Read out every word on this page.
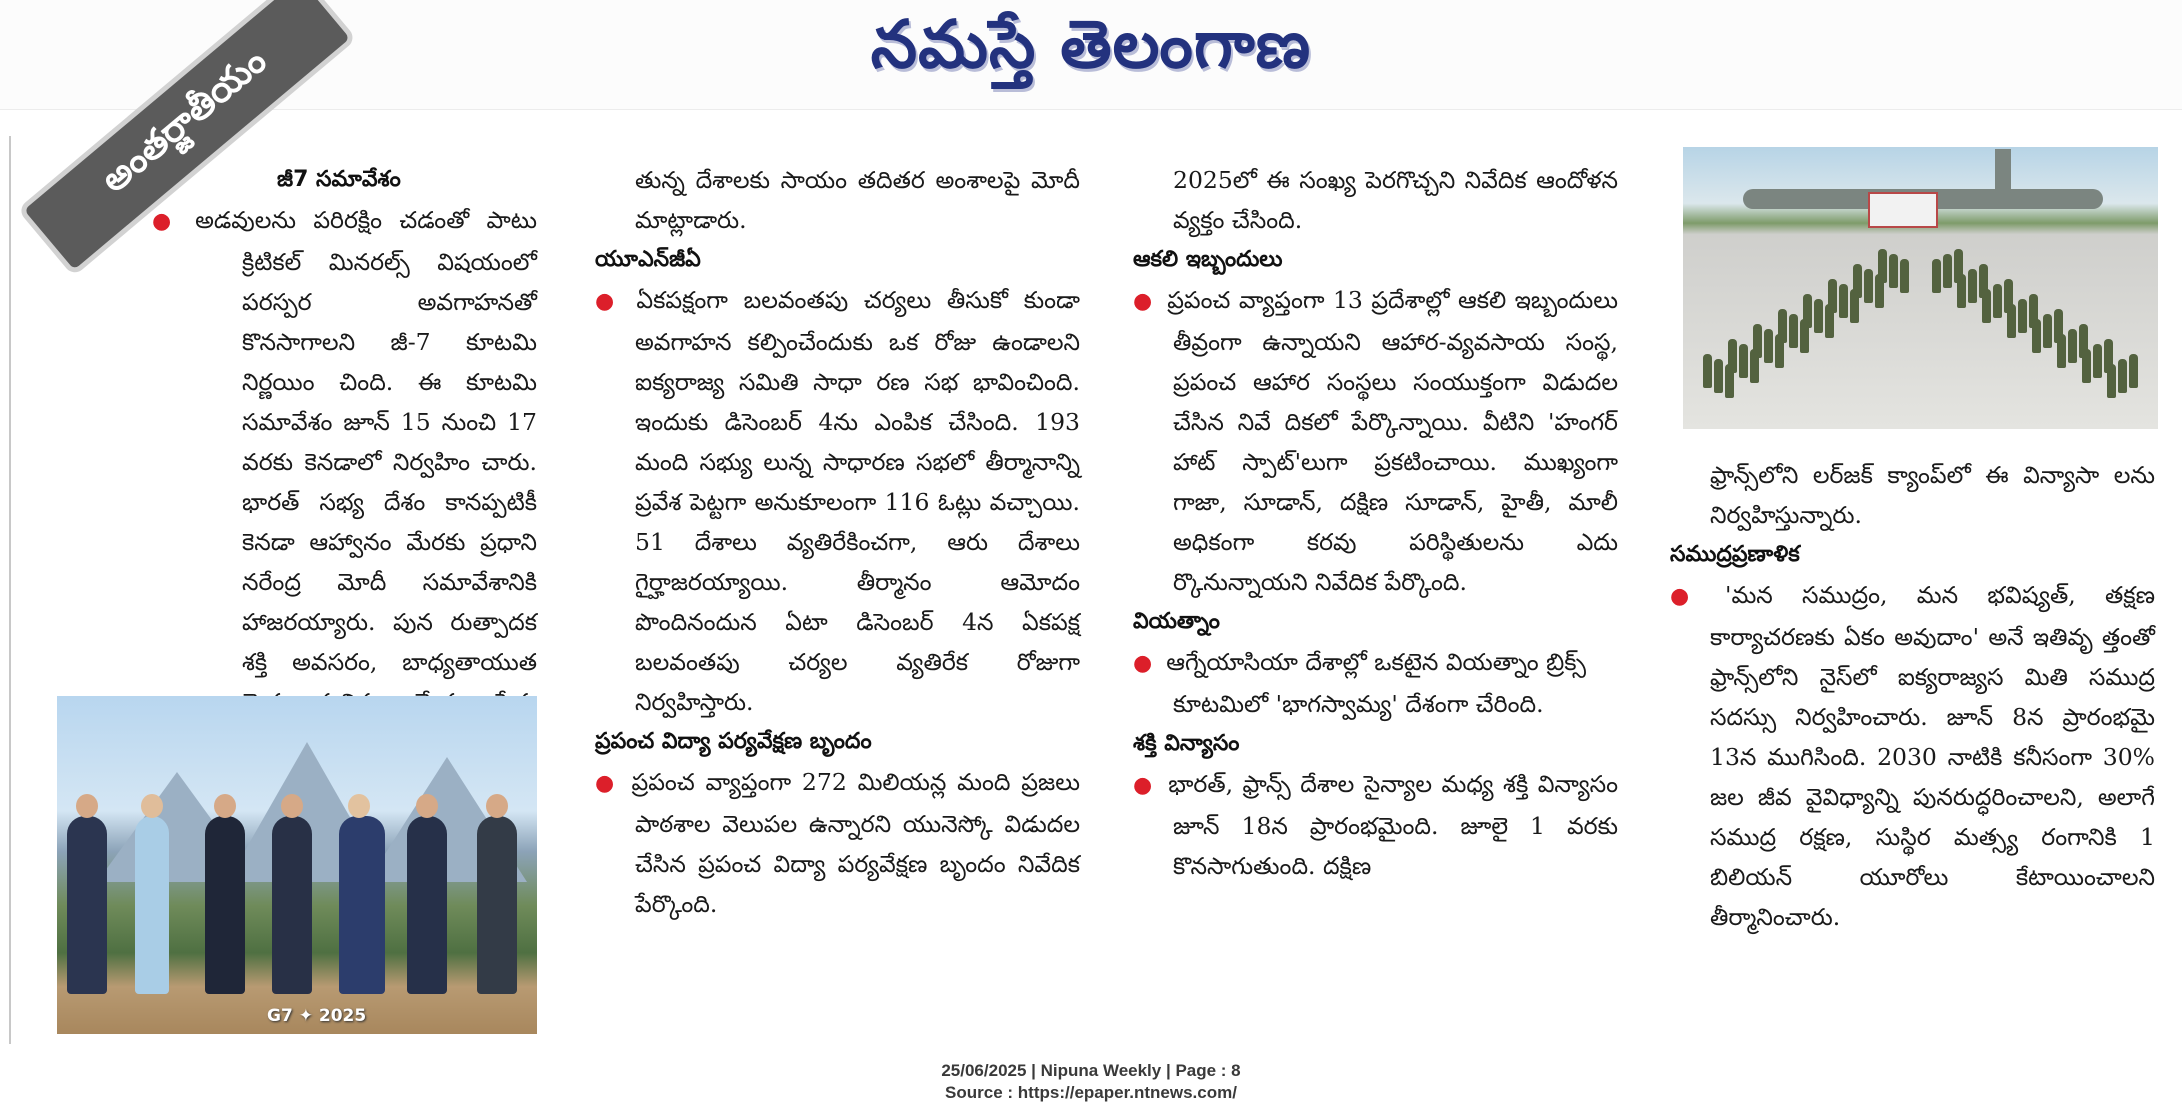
నమస్తే తెలంగాణ
అంతర్జాతీయం జీ7 సమావేశం

● అడవులను పరిరక్షిం చడంతో పాటు క్రిటికల్ మినరల్స్ విషయంలో పరస్పర అవగాహనతో కొనసాగాలని జీ-7 కూటమి నిర్ణయిం చింది. ఈ కూటమి సమావేశం జూన్ 15 నుంచి 17 వరకు కెనడాలో నిర్వహిం చారు. భారత్ సభ్య దేశం కానప్పటికీ కెనడా ఆహ్వానం మేరకు ప్రధాని నరేంద్ర మోదీ సమావేశానికి హాజరయ్యారు. పున రుత్పాదక శక్తి అవసరం, బాధ్యతాయుత

G7 ✦ 2025

తున్న దేశాలకు సాయం తదితర అంశాలపై మోదీ మాట్లాడారు.

యూఎన్‌జీఏ

● ఏకపక్షంగా బలవంతపు చర్యలు తీసుకో కుండా అవగాహన కల్పించేందుకు ఒక రోజు ఉండాలని ఐక్యరాజ్య సమితి సాధా రణ సభ భావించింది. ఇందుకు డిసెంబర్ 4ను ఎంపిక చేసింది. 193 మంది సభ్యు లున్న సాధారణ సభలో తీర్మానాన్ని ప్రవేశ పెట్టగా అనుకూలంగా 116 ఓట్లు వచ్చాయి. 51 దేశాలు వ్యతిరేకించగా, ఆరు దేశాలు గైర్హాజరయ్యాయి. తీర్మానం ఆమోదం పొందినందున ఏటా డిసెంబర్ 4న ఏకపక్ష బలవంతపు చర్యల వ్యతిరేక రోజుగా నిర్వహిస్తారు.

ప్రపంచ విద్యా పర్యవేక్షణ బృందం

● ప్రపంచ వ్యాప్తంగా 272 మిలియన్ల మంది ప్రజలు పాఠశాల వెలుపల ఉన్నారని యునెస్కో విడుదల చేసిన ప్రపంచ విద్యా పర్యవేక్షణ బృందం నివేదిక పేర్కొంది.

2025లో ఈ సంఖ్య పెరగొచ్చని నివేదిక ఆందోళన వ్యక్తం చేసింది.

ఆకలి ఇబ్బందులు

● ప్రపంచ వ్యాప్తంగా 13 ప్రదేశాల్లో ఆకలి ఇబ్బందులు తీవ్రంగా ఉన్నాయని ఆహార-వ్యవసాయ సంస్థ, ప్రపంచ ఆహార సంస్థలు సంయుక్తంగా విడుదల చేసిన నివే దికలో పేర్కొన్నాయి. వీటిని 'హంగర్ హాట్ స్పాట్'లుగా ప్రకటించాయి. ముఖ్యంగా గాజా, సూడాన్, దక్షిణ సూడాన్, హైతీ, మాలీ అధికంగా కరవు పరిస్థితులను ఎదు ర్కొనున్నాయని నివేదిక పేర్కొంది.

వియత్నాం

● ఆగ్నేయాసియా దేశాల్లో ఒకటైన వియత్నాం బ్రిక్స్ కూటమిలో 'భాగస్వామ్య' దేశంగా చేరింది.

శక్తి విన్యాసం

● భారత్, ఫ్రాన్స్ దేశాల సైన్యాల మధ్య శక్తి విన్యాసం జూన్ 18న ప్రారంభమైంది. జూలై 1 వరకు కొనసాగుతుంది. దక్షిణ

ఫ్రాన్స్‌లోని లర్‌జక్ క్యాంప్‌లో ఈ విన్యాసా లను నిర్వహిస్తున్నారు.

సముద్రప్రణాళిక

● 'మన సముద్రం, మన భవిష్యత్, తక్షణ కార్యాచరణకు ఏకం అవుదాం' అనే ఇతివృ త్తంతో ఫ్రాన్స్‌లోని నైస్‌లో ఐక్యరాజ్యస మితి సముద్ర సదస్సు నిర్వహించారు. జూన్ 8న ప్రారంభమై 13న ముగిసింది. 2030 నాటికి కనీసంగా 30% జల జీవ వైవిధ్యాన్ని పునరుద్ధరించాలని, అలాగే సముద్ర రక్షణ, సుస్థిర మత్స్య రంగానికి 1 బిలియన్ యూరోలు కేటాయించాలని తీర్మానించారు.

25/06/2025 | Nipuna Weekly | Page : 8
Source : https://epaper.ntnews.com/
